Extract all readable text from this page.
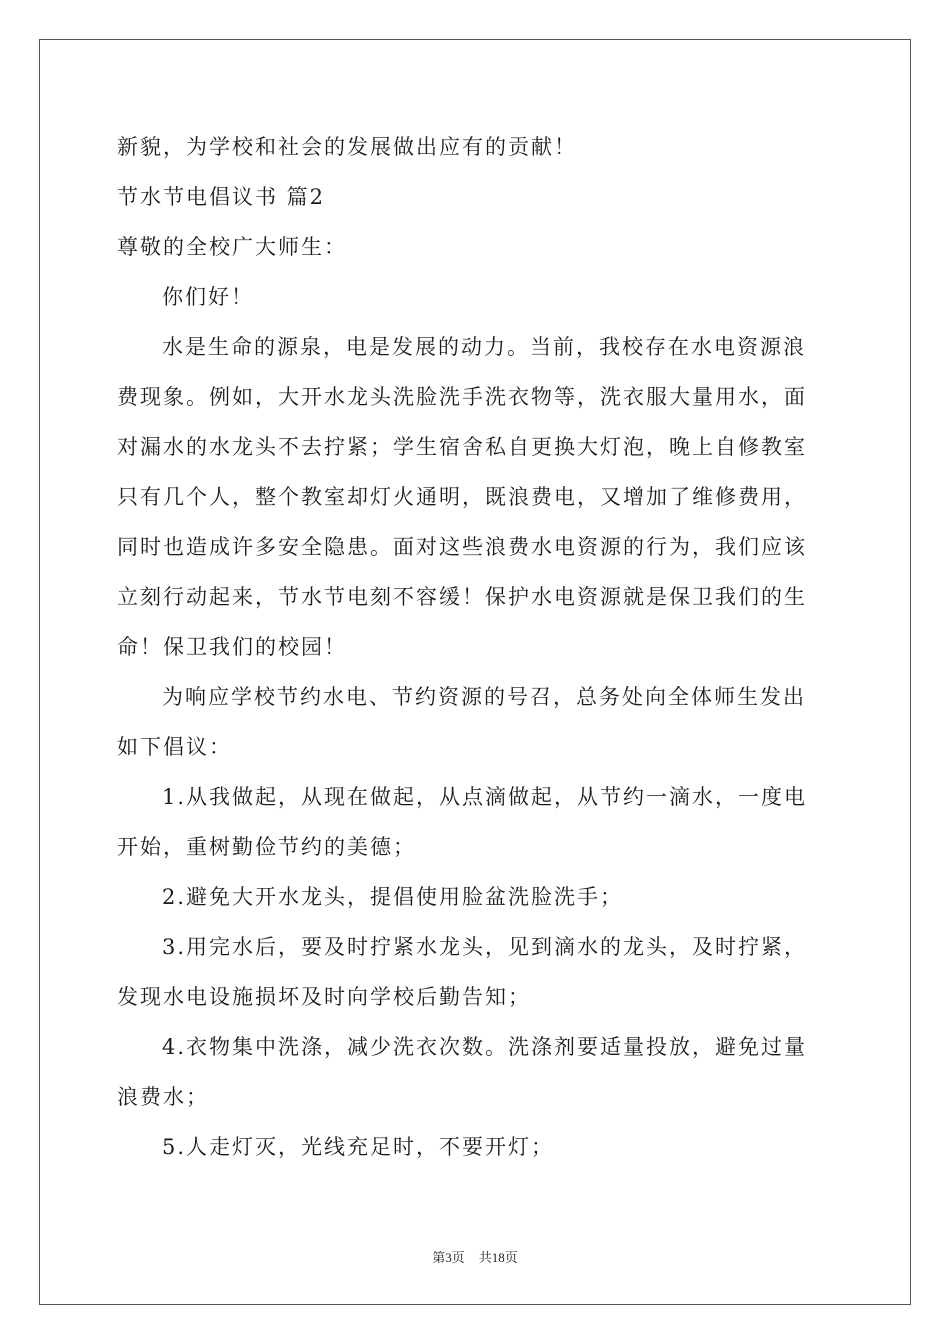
新貌，为学校和社会的发展做出应有的贡献！
节水节电倡议书 篇2
尊敬的全校广大师生：
你们好！
水是生命的源泉，电是发展的动力。当前，我校存在水电资源浪
费现象。例如，大开水龙头洗脸洗手洗衣物等，洗衣服大量用水，面
对漏水的水龙头不去拧紧；学生宿舍私自更换大灯泡，晚上自修教室
只有几个人，整个教室却灯火通明，既浪费电，又增加了维修费用，
同时也造成许多安全隐患。面对这些浪费水电资源的行为，我们应该
立刻行动起来，节水节电刻不容缓！保护水电资源就是保卫我们的生
命！保卫我们的校园！
为响应学校节约水电、节约资源的号召，总务处向全体师生发出
如下倡议：
1.从我做起，从现在做起，从点滴做起，从节约一滴水，一度电
开始，重树勤俭节约的美德；
2.避免大开水龙头，提倡使用脸盆洗脸洗手；
3.用完水后，要及时拧紧水龙头，见到滴水的龙头，及时拧紧，
发现水电设施损坏及时向学校后勤告知；
4.衣物集中洗涤，减少洗衣次数。洗涤剂要适量投放，避免过量
浪费水；
5.人走灯灭，光线充足时，不要开灯；
第3页 共18页
